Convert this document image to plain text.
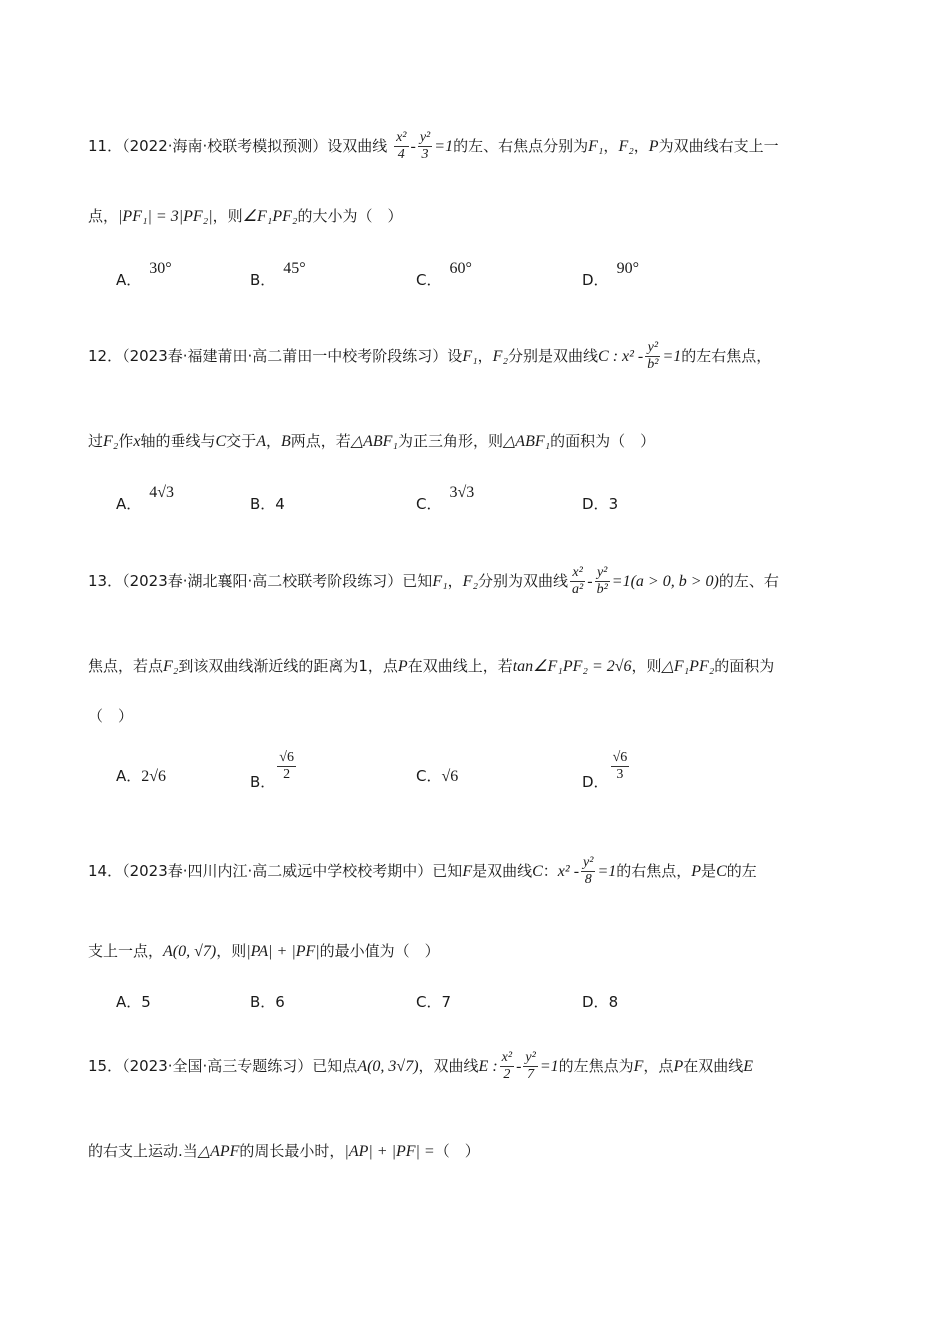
11．（2022·海南·校联考模拟预测）设双曲线 $\frac{\text{x²}}{4} - \frac{\text{y²}}{3} =1$的左、右焦点分别为F₁，F₂，P为双曲线右支上一
点，|PF₁| = 3|PF₂|，则∠F₁PF₂的大小为（　）
A．30°
B．45°
C．60°
D．90°
12．（2023春·福建莆田·高二莆田一中校考阶段练习）设F₁，F₂分别是双曲线C : $x^2 - \frac{\text{y²}}{\text{b²}} =1$的左右焦点，
过F₂作x轴的垂线与C交于A，B两点，若△ABF₁为正三角形，则△ABF₁的面积为（　）
A．4√3
B．4	C．3√3
D．3
13．（2023春·湖北襄阳·高二校联考阶段练习）已知F₁，F₂分别为双曲线 $\frac{\text{x²}}{\text{a²}} - \frac{\text{y²}}{\text{b²}} =1(a > 0$, b > 0)的左、右
焦点，若点F₂到该双曲线渐近线的距离为1，点P在双曲线上，若tan∠F₁PF₂ = 2√6，则△F₁PF₂的面积为
（　）
A．2√6	B． $\frac{√6}{2}$	C．√6	D． $\frac{√6}{3}$
14．（2023春·四川内江·高二威远中学校校考期中）已知F是双曲线C：$x^2 - \frac{\text{y²}}{8} =1$的右焦点，P是C的左
支上一点，A(0, √7)，则|PA| + |PF|的最小值为（　）
A．5	B．6	C．7	D．8
15．（2023·全国·高三专题练习）已知点A(0, 3√7)，双曲线E : $\frac{\text{x²}}{2} - \frac{\text{y²}}{7} =1$的左焦点为F，点P在双曲线E
的右支上运动.当△APF的周长最小时，|AP| + |PF| =（　）
